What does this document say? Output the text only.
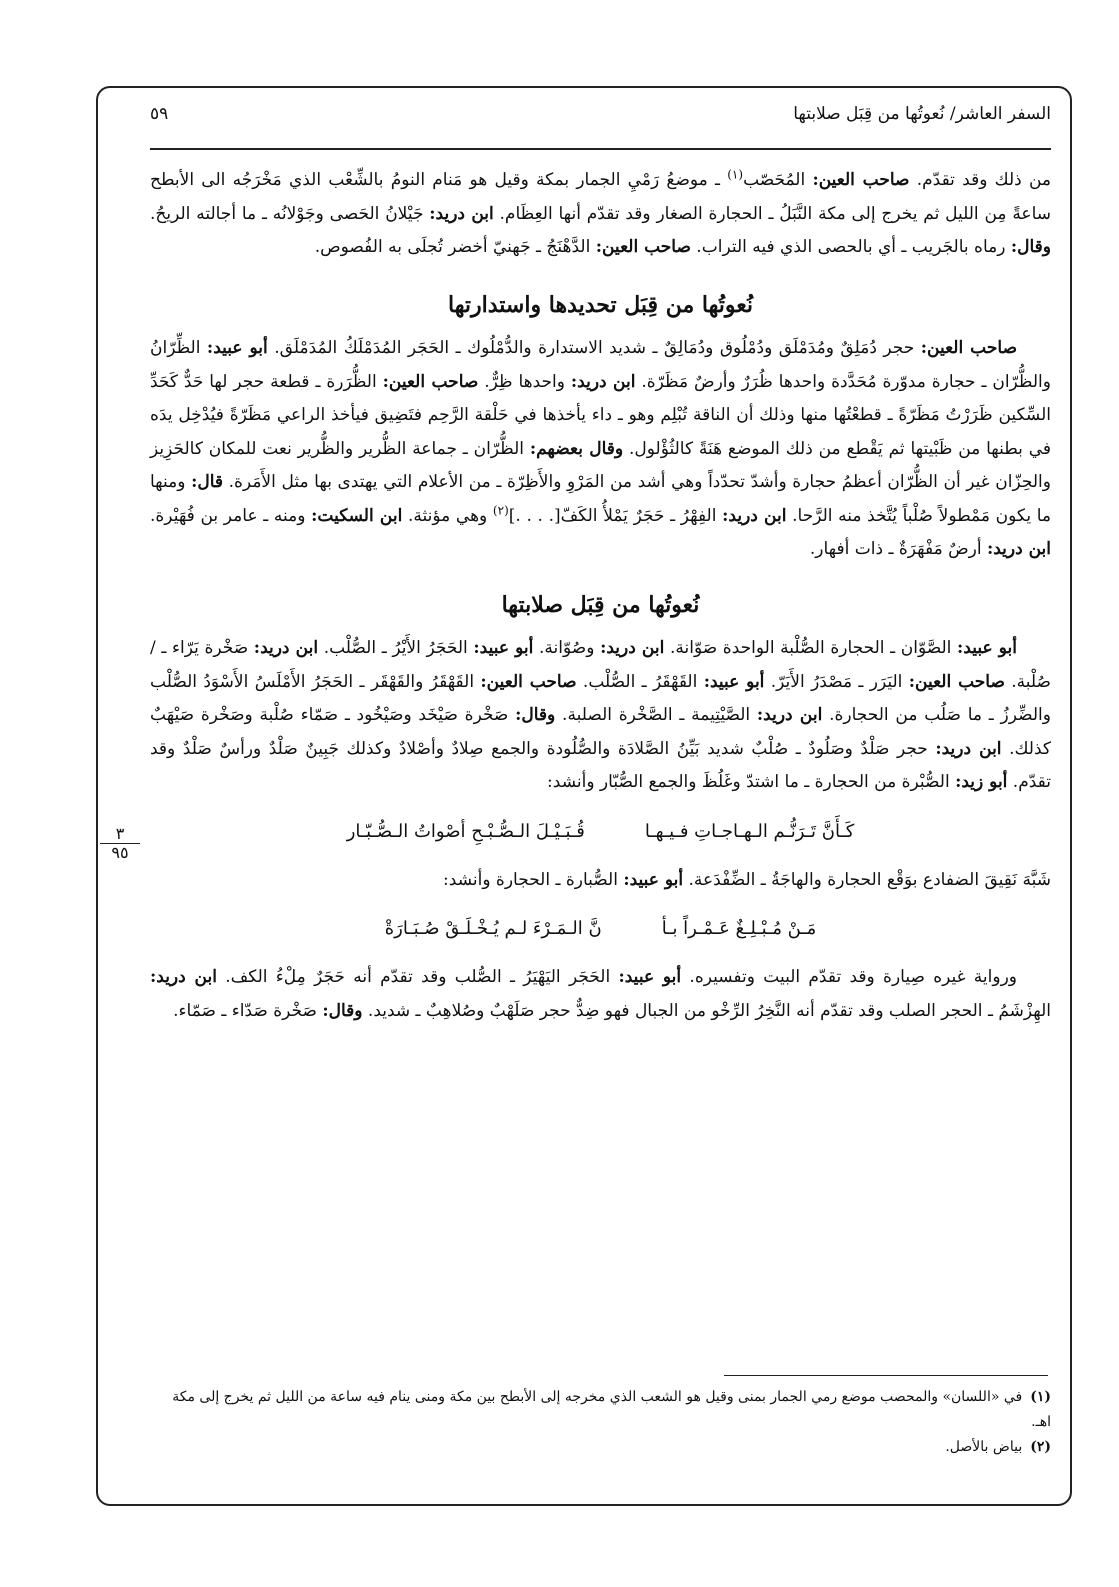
السفر العاشر/ نُعوتُها من قِبَل صلابتها
٥٩
٣
٩٥

من ذلك وقد تقدّم. صاحب العين: المُحَصّب$^{(١)}$ ـ موضعُ رَمْيِ الجمار بمكة وقيل هو مَنام النومُ بالشِّعْب الذي مَخْرَجُه الى الأبطح ساعةً مِن الليل ثم يخرج إلى مكة النَّبَلُ ـ الحجارة الصغار وقد تقدّم أنها العِظَام. ابن دريد: جَيْلانُ الحَصى وجَوْلانُه ـ ما أجالته الريحُ. وقال: رماه بالجَريب ـ أي بالحصى الذي فيه التراب. صاحب العين: الدَّهْنَجُ ـ جَهنيّ أخضر تُجلَى به الفُصوص.

نُعوتُها من قِبَل تحديدها واستدارتها

صاحب العين: حجر دُمَلِقٌ ومُدَمْلَق ودُمْلُوق ودُمَالِقٌ ـ شديد الاستدارة والدُّمْلُوك ـ الحَجَر المُدَمْلَكُ المُدَمْلَق. أبو عبيد: الظِّرّانُ والظُّرّان ـ حجارة مدوّرة مُحَدَّدة واحدها ظُرَرٌ وأرضٌ مَظَرّة. ابن دريد: واحدها ظِرٌّ. صاحب العين: الظُّرَرة ـ قطعة حجر لها حَدٌّ كَحَدِّ السِّكين ظَرَرْتُ مَظَرّةً ـ قطعْتُها منها وذلك أن الناقة تُبْلِم وهو ـ داء يأخذها في حَلْقة الرَّحِم فتَضِيق فيأخذ الراعي مَظَرّةً فيُدْخِل يدَه في بطنها من ظَبْيتها ثم يَقْطع من ذلك الموضع هَنَةً كالثُؤْلول. وقال بعضهم: الظُّرّان ـ جماعة الظُّرير والظُّرير نعت للمكان كالحَزِيز والحِزّان غير أن الظُّرّان أعظمُ حجارة وأشدّ تحدّداً وهي أشد من المَرْوِ والأَظِرّة ـ من الأعلام التي يهتدى بها مثل الأَمَرة. قال: ومنها ما يكون مَمْطولاً صُلْباً يُتَّخذ منه الرَّحا. ابن دريد: الفِهْرُ ـ حَجَرٌ يَمْلأُ الكَفّ[. . . .]$^{(٢)}$ وهي مؤنثة. ابن السكيت: ومنه ـ عامر بن فُهَيْرة. ابن دريد: أرضٌ مَفْهَرَةٌ ـ ذات أفهار.

نُعوتُها من قِبَل صلابتها

أبو عبيد: الصَّوّان ـ الحجارة الصُّلْبة الواحدة صَوّانة. ابن دريد: وصُوّانة. أبو عبيد: الحَجَرُ الأَيْرُ ـ الصُّلْب. ابن دريد: صَخْرة يَرّاء ـ / صُلْبة. صاحب العين: اليَرَر ـ مَصْدَرُ الأَيَرّ. أبو عبيد: القَهْقَرُ ـ الصُّلْب. صاحب العين: القَهْقَرُ والقَهْقَر ـ الحَجَرُ الأَمْلَسُ الأَسْوَدُ الصُّلْب والضِّرزُ ـ ما صَلُب من الحجارة. ابن دريد: الصَّيْتِيمة ـ الصَّخْرة الصلبة. وقال: صَخْرة صَيْخَد وصَيْخُود ـ صَمّاء صُلْبة وصَخْرة صَيْهَبٌ كذلك. ابن دريد: حجر صَلْدٌ وصَلُودٌ ـ صُلْبٌ شديد بَيِّنُ الصَّلادَة والصُّلُودة والجمع صِلادٌ وأصْلادٌ وكذلك جَبِينٌ صَلْدٌ ورأسٌ صَلْدٌ وقد تقدّم. أبو زيد: الصُّبْرة من الحجارة ـ ما اشتدّ وغَلُظَ والجمع الصُّبّار وأنشد:

كَـأَنَّ تَـرَنُّـم الـهـاجـاتِ فـيـهـا
قُـبَـيْـلَ الـصُّـبْـحِ أصْواتُ الـصُّـبّـار

شَبَّهَ نَقِيقَ الضفادع بوَقْع الحجارة والهاجَةُ ـ الضِّفْدَعة. أبو عبيد: الصُّبارة ـ الحجارة وأنشد:

مَـنْ مُـبْـلِـغٌ عَـمْـراً بـأ
نَّ الـمَـرْءَ لـم يُـخْـلَـقْ صُـبَـارَةْ

ورواية غيره صِيارة وقد تقدّم البيت وتفسيره. أبو عبيد: الحَجَر اليَهْيَرُ ـ الصُّلب وقد تقدّم أنه حَجَرٌ مِلْءُ الكف. ابن دريد: الهِزْشَمُ ـ الحجر الصلب وقد تقدّم أنه النَّخِرُ الرِّخْو من الجبال فهو ضِدٌّ حجر صَلَهْبٌ وصُلاهِبٌ ـ شديد. وقال: صَخْرة صَدّاء ـ صَمّاء.

(١)في «اللسان» والمحصب موضع رمي الجمار بمنى وقيل هو الشعب الذي مخرجه إلى الأبطح بين مكة ومنى ينام فيه ساعة من الليل ثم يخرج إلى مكة اهـ.

(٢)بياض بالأصل.
